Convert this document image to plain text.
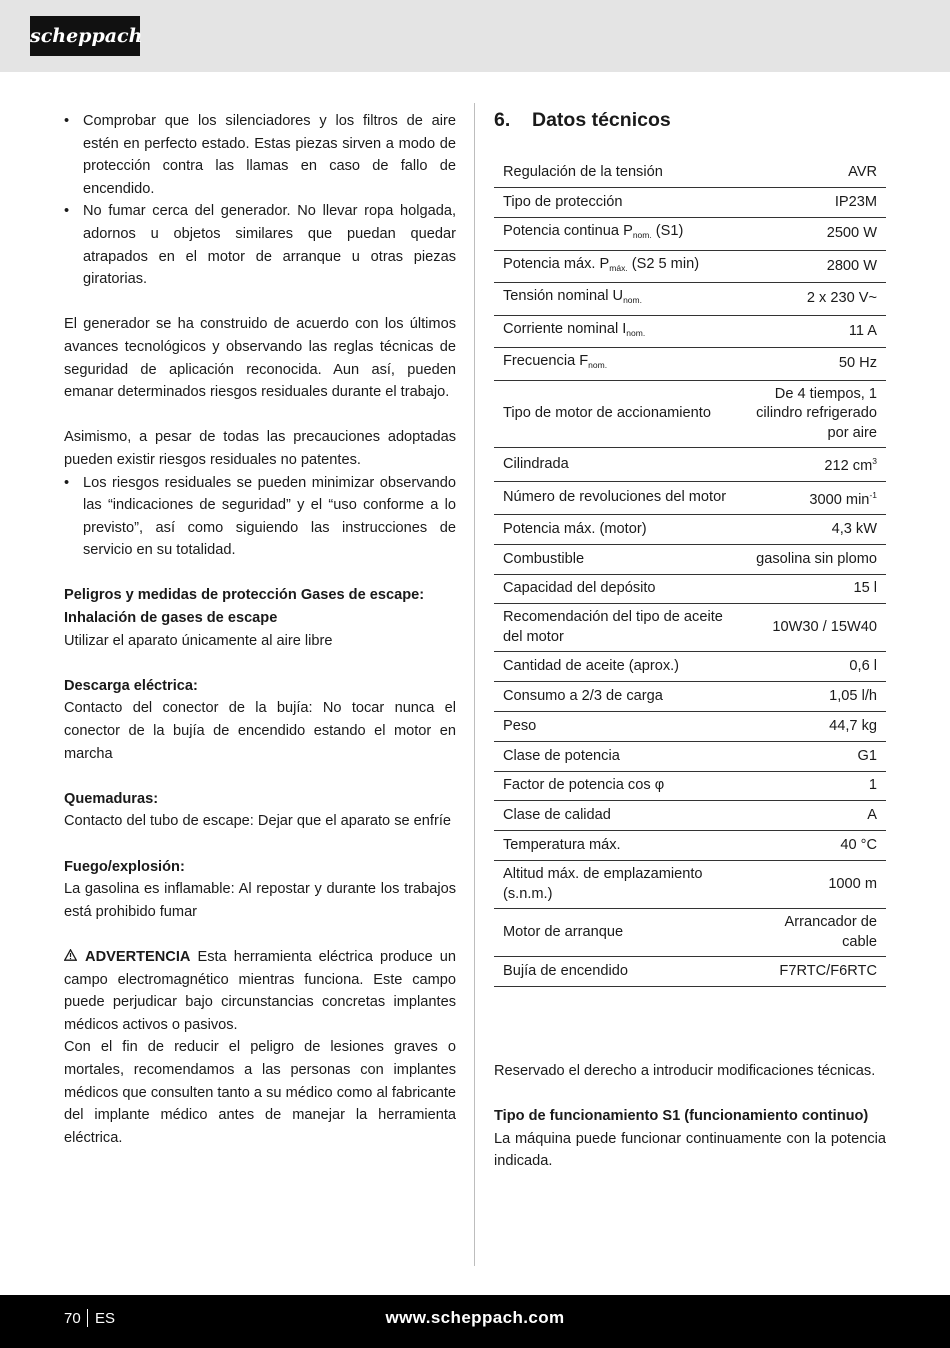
scheppach
• Comprobar que los silenciadores y los filtros de aire estén en perfecto estado. Estas piezas sirven a modo de protección contra las llamas en caso de fallo de encendido.
• No fumar cerca del generador. No llevar ropa holgada, adornos u objetos similares que puedan quedar atrapados en el motor de arranque u otras piezas giratorias.

El generador se ha construido de acuerdo con los últimos avances tecnológicos y observando las reglas técnicas de seguridad de aplicación reconocida. Aun así, pueden emanar determinados riesgos residuales durante el trabajo.

Asimismo, a pesar de todas las precauciones adoptadas pueden existir riesgos residuales no patentes.

• Los riesgos residuales se pueden minimizar observando las “indicaciones de seguridad” y el “uso conforme a lo previsto”, así como siguiendo las instrucciones de servicio en su totalidad.

Peligros y medidas de protección Gases de escape:

Inhalación de gases de escape

Utilizar el aparato únicamente al aire libre

Descarga eléctrica:

Contacto del conector de la bujía: No tocar nunca el conector de la bujía de encendido estando el motor en marcha

Quemaduras:

Contacto del tubo de escape: Dejar que el aparato se enfríe

Fuego/explosión:

La gasolina es inflamable: Al repostar y durante los trabajos está prohibido fumar

ADVERTENCIA Esta herramienta eléctrica produce un campo electromagnético mientras funciona. Este campo puede perjudicar bajo circunstancias concretas implantes médicos activos o pasivos.

Con el fin de reducir el peligro de lesiones graves o mortales, recomendamos a las personas con implantes médicos que consulten tanto a su médico como al fabricante del implante médico antes de manejar la herramienta eléctrica.

6. Datos técnicos
Regulación de la tensión	AVR
Tipo de protección	IP23M
Potencia continua $P_{nom.}$ (S1)	2500 W
Potencia máx. $P_{máx.}$ (S2 5 min)	2800 W
Tensión nominal $U_{nom.}$	2 x 230 V~
Corriente nominal $I_{nom.}$	11 A
Frecuencia $F_{nom.}$	50 Hz
Tipo de motor de accionamiento	De 4 tiempos, 1 cilindro refrigerado por aire
Cilindrada	212 $cm^3$
Número de revoluciones del motor	3000 $\min^{-1}$
Potencia máx. (motor)	4,3 kW
Combustible	gasolina sin plomo
Capacidad del depósito	15 l
Recomendación del tipo de aceite del motor	10W30 / 15W40
Cantidad de aceite (aprox.)	0,6 l
Consumo a 2/3 de carga	1,05 l/h
Peso	44,7 kg
Clase de potencia	G1
Factor de potencia cos φ	1
Clase de calidad	A
Temperatura máx.	40 °C
Altitud máx. de emplazamiento (s.n.m.)	1000 m
Motor de arranque	Arrancador de cable
Bujía de encendido	F7RTC/F6RTC

Reservado el derecho a introducir modificaciones técnicas.

Tipo de funcionamiento S1 (funcionamiento continuo)

La máquina puede funcionar continuamente con la potencia indicada.

70 ES	www.scheppach.com
